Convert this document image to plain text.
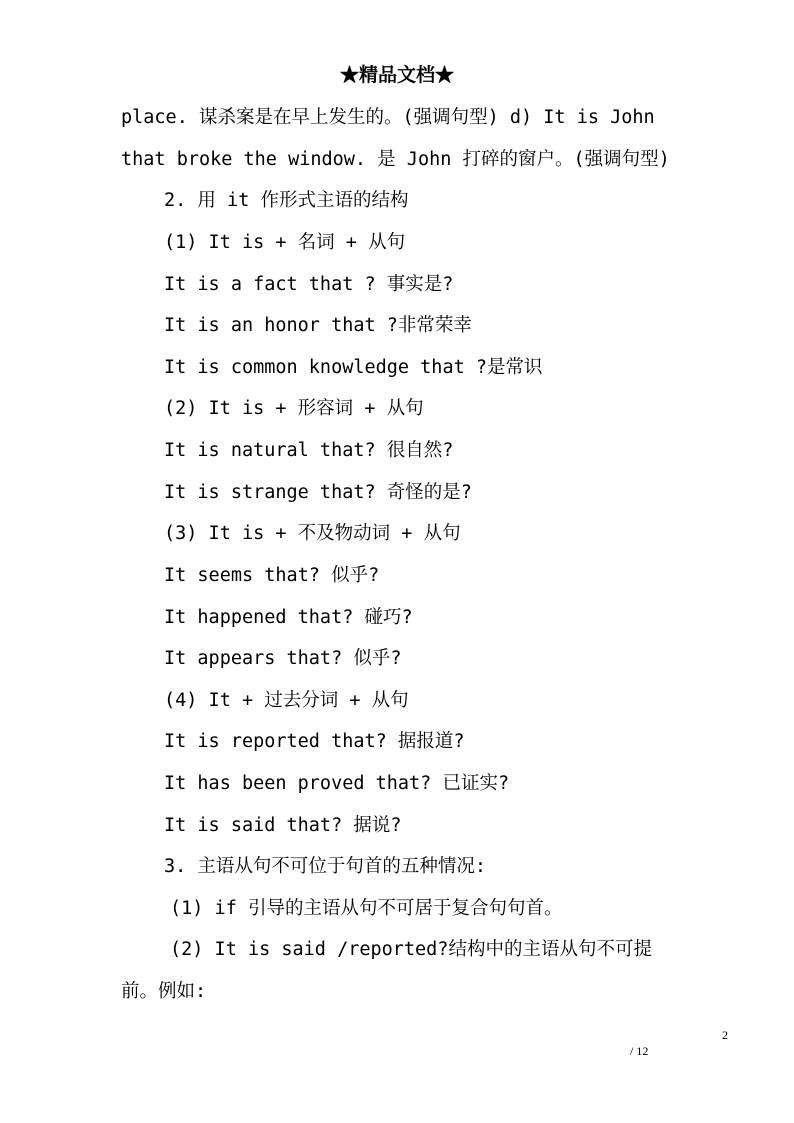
★精品文档★
place. 谋杀案是在早上发生的。(强调句型) d) It is John
that broke the window. 是 John 打碎的窗户。(强调句型)
2. 用 it 作形式主语的结构
(1) It is + 名词 + 从句
It is a fact that ? 事实是?
It is an honor that ?非常荣幸
It is common knowledge that ?是常识
(2) It is + 形容词 + 从句
It is natural that? 很自然?
It is strange that? 奇怪的是?
(3) It is + 不及物动词 + 从句
It seems that? 似乎?
It happened that? 碰巧?
It appears that? 似乎?
(4) It + 过去分词 + 从句
It is reported that? 据报道?
It has been proved that? 已证实?
It is said that? 据说?
3. 主语从句不可位于句首的五种情况:
(1) if 引导的主语从句不可居于复合句句首。
(2) It is said /reported?结构中的主语从句不可提
前。例如:
2
/ 12
